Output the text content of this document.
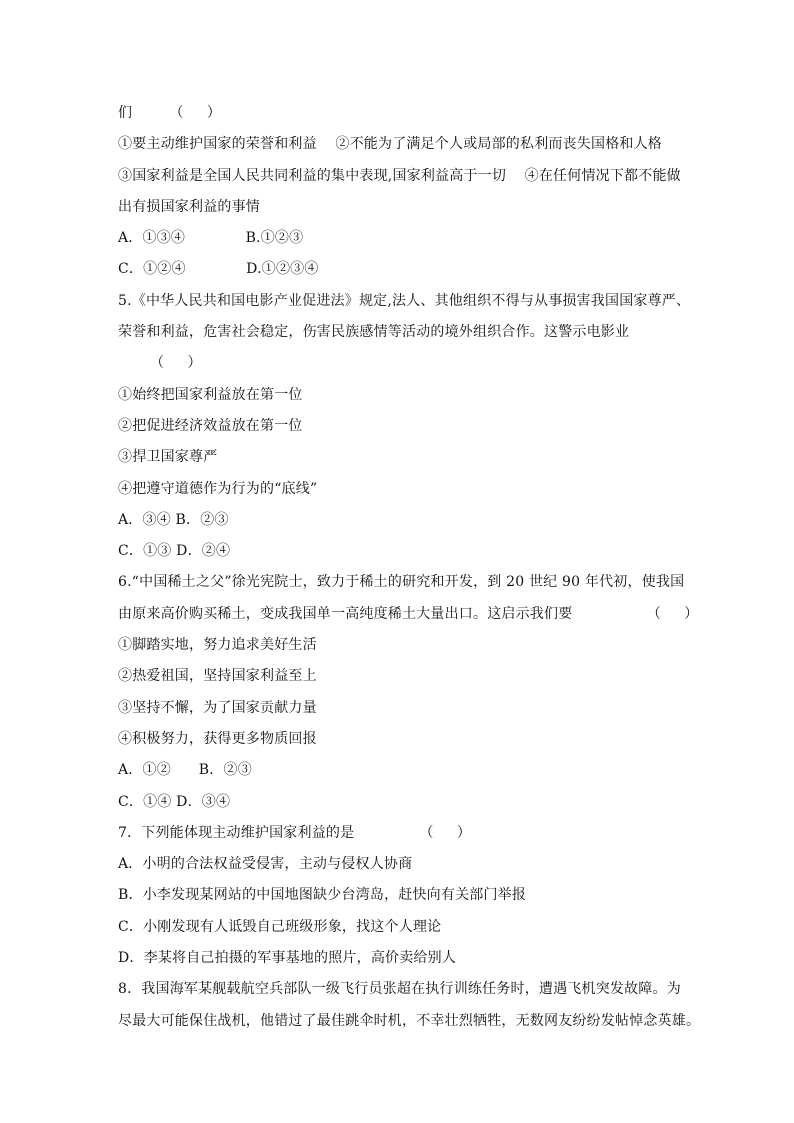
们        （     ）
①要主动维护国家的荣誉和利益    ②不能为了满足个人或局部的私利而丧失国格和人格
③国家利益是全国人民共同利益的集中表现,国家利益高于一切    ④在任何情况下都不能做
出有损国家利益的事情
A．①③④             B.①②③
C．①②④             D.①②③④
5.《中华人民共和国电影产业促进法》规定,法人、其他组织不得与从事损害我国国家尊严、
荣誉和利益，危害社会稳定，伤害民族感情等活动的境外组织合作。这警示电影业
（     ）
①始终把国家利益放在第一位
②把促进经济效益放在第一位
③捍卫国家尊严
④把遵守道德作为行为的“底线”
A．③④ B．②③
C．①③ D．②④
6.“中国稀土之父”徐光宪院士，致力于稀土的研究和开发，到 20 世纪 90 年代初，使我国
由原来高价购买稀土，变成我国单一高纯度稀土大量出口。这启示我们要                （     ）
①脚踏实地，努力追求美好生活
②热爱祖国，坚持国家利益至上
③坚持不懈，为了国家贡献力量
④积极努力，获得更多物质回报
A．①②      B．②③
C．①④ D．③④
7．下列能体现主动维护国家利益的是              （     ）
A．小明的合法权益受侵害，主动与侵权人协商
B．小李发现某网站的中国地图缺少台湾岛，赶快向有关部门举报
C．小刚发现有人诋毁自己班级形象，找这个人理论
D．李某将自己拍摄的军事基地的照片，高价卖给别人
8．我国海军某舰载航空兵部队一级飞行员张超在执行训练任务时，遭遇飞机突发故障。为
尽最大可能保住战机，他错过了最佳跳伞时机，不幸壮烈牺牲，无数网友纷纷发帖悼念英雄。
